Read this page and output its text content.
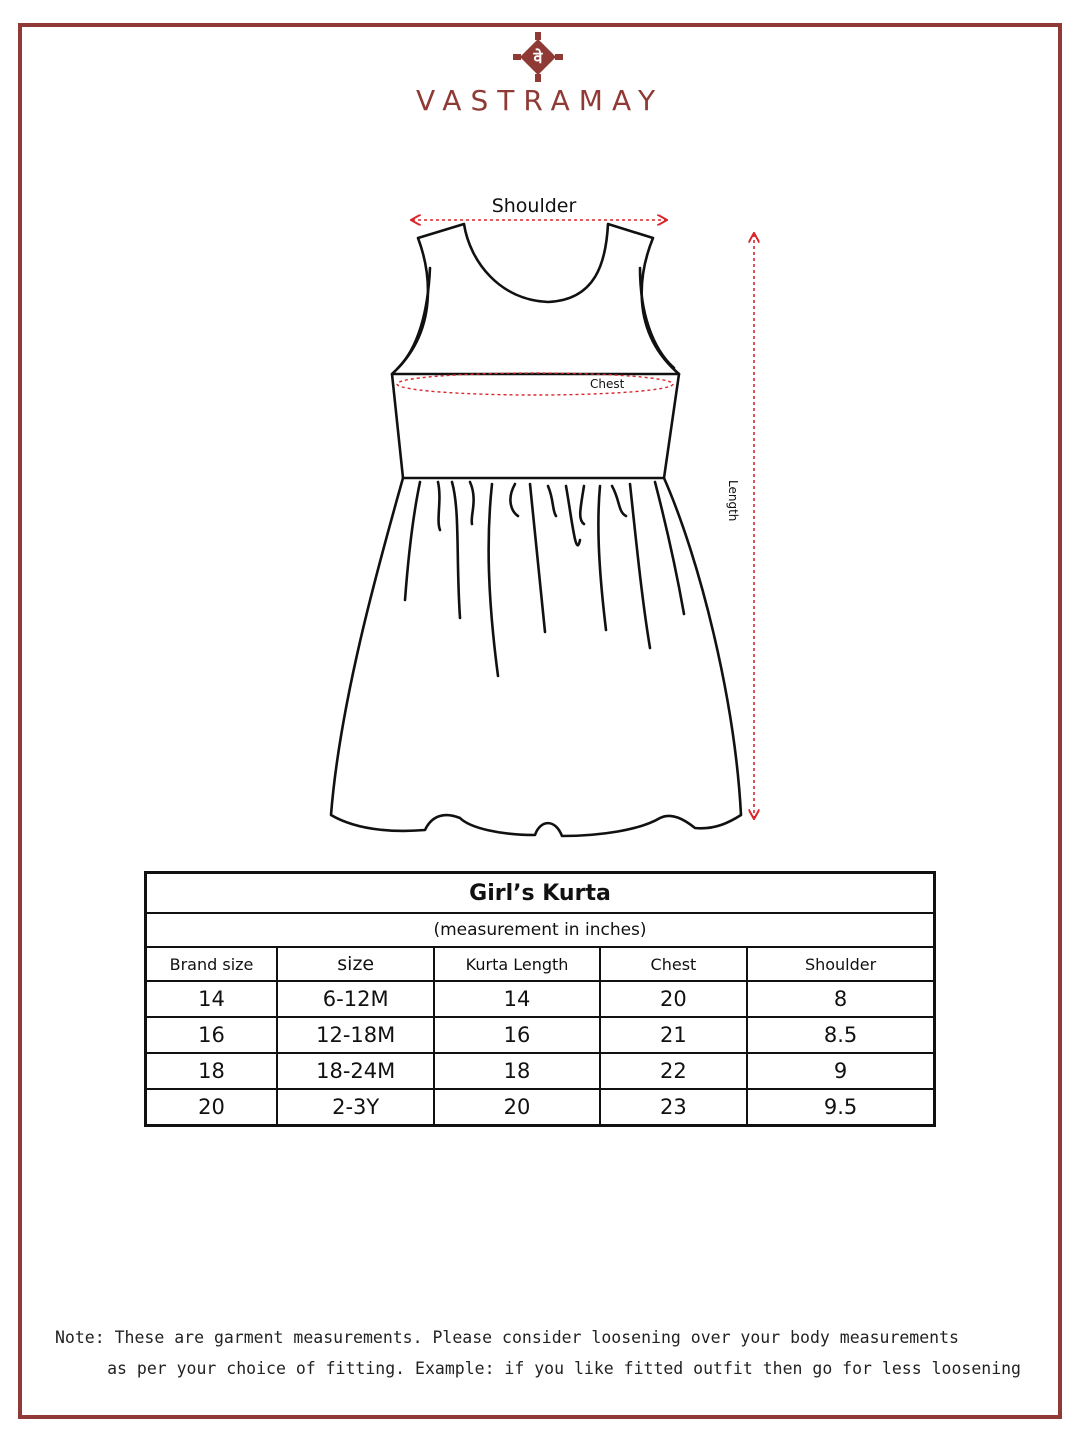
वे
VASTRAMAY
Shoulder
Chest
Length
Girl’s Kurta				
(measurement in inches)				
Brand size	size	Kurta Length	Chest	Shoulder
14	6-12M	14	20	8
16	12-18M	16	21	8.5
18	18-24M	18	22	9
20	2-3Y	20	23	9.5
Note: These are garment measurements. Please consider loosening over your body measurements
as per your choice of fitting. Example: if you like fitted outfit then go for less loosening
